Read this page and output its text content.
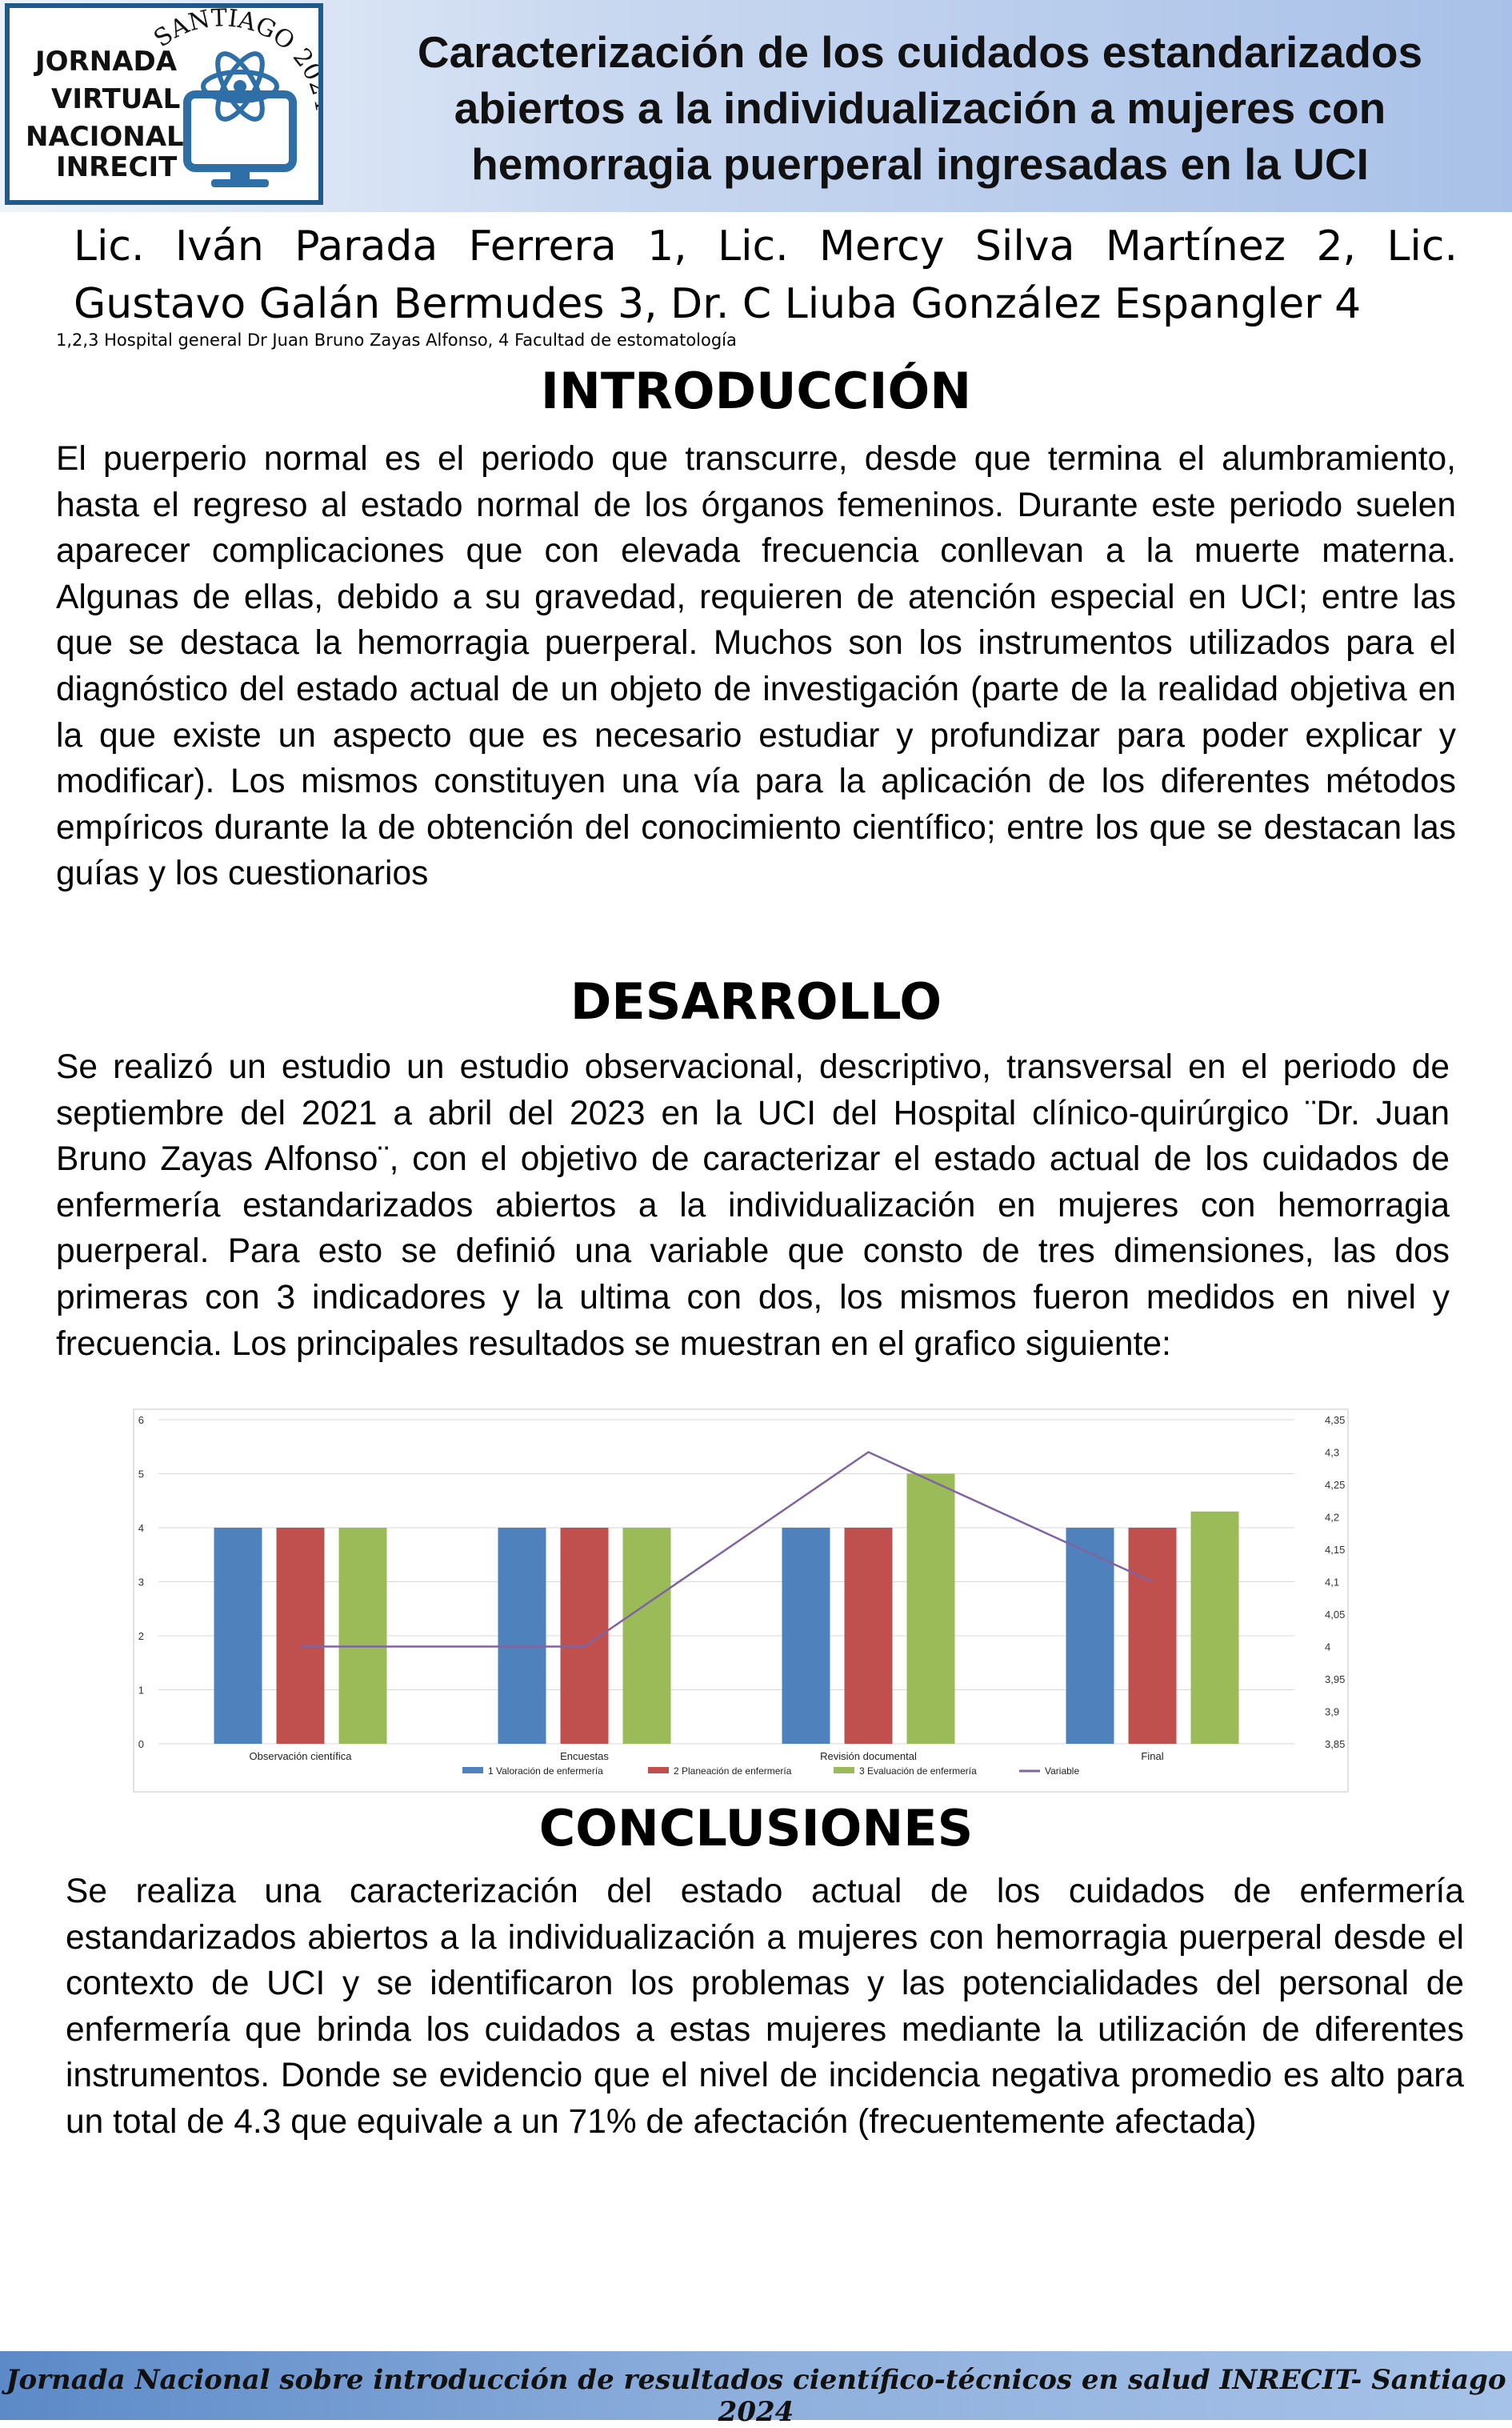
JORNADA
VIRTUAL
NACIONAL
INRECIT
SANTIAGO 2	Caracterización de los cuidados estandarizados abiertos a la individualización a mujeres con hemorragia puerperal ingresadas en la UCI
Lic. Iván Parada Ferrera 1, Lic. Mercy Silva Martínez 2, Lic. Gustavo Galán Bermudes 3, Dr. C Liuba González Espangler 4
1,2,3 Hospital general Dr Juan Bruno Zayas Alfonso, 4 Facultad de estomatología
INTRODUCCIÓN

El puerperio normal es el periodo que transcurre, desde que termina el alumbramiento, hasta el regreso al estado normal de los órganos femeninos. Durante este periodo suelen aparecer complicaciones que con elevada frecuencia conllevan a la muerte materna. Algunas de ellas, debido a su gravedad, requieren de atención especial en UCI; entre las que se destaca la hemorragia puerperal. Muchos son los instrumentos utilizados para el diagnóstico del estado actual de un objeto de investigación (parte de la realidad objetiva en la que existe un aspecto que es necesario estudiar y profundizar para poder explicar y modificar). Los mismos constituyen una vía para la aplicación de los diferentes métodos empíricos durante la de obtención del conocimiento científico; entre los que se destacan las guías y los cuestionarios

DESARROLLO

Se realizó un estudio un estudio observacional, descriptivo, transversal en el periodo de septiembre del 2021 a abril del 2023 en la UCI del Hospital clínico-quirúrgico ¨Dr. Juan Bruno Zayas Alfonso¨, con el objetivo de caracterizar el estado actual de los cuidados de enfermería estandarizados abiertos a la individualización en mujeres con hemorragia puerperal. Para esto se definió una variable que consto de tres dimensiones, las dos primeras con 3 indicadores y la ultima con dos, los mismos fueron medidos en nivel y frecuencia. Los principales resultados se muestran en el grafico siguiente:

0
1
2
3
4
5
6
3,85
3,9
3,95
4
4,05
4,1
4,15
4,2
4,25
4,3
4,35
Observación científica	Encuestas	Revisión documental	Final
1 Valoración de enfermería	2 Planeación de enfermería	3 Evaluación de enfermería	Variable
CONCLUSIONES

Se realiza una caracterización del estado actual de los cuidados de enfermería estandarizados abiertos a la individualización a mujeres con hemorragia puerperal desde el contexto de UCI y se identificaron los problemas y las potencialidades del personal de enfermería que brinda los cuidados a estas mujeres mediante la utilización de diferentes instrumentos. Donde se evidencio que el nivel de incidencia negativa promedio es alto para un total de 4.3 que equivale a un 71% de afectación (frecuentemente afectada)

Jornada Nacional sobre introducción de resultados científico-técnicos en salud INRECIT- Santiago 2024
